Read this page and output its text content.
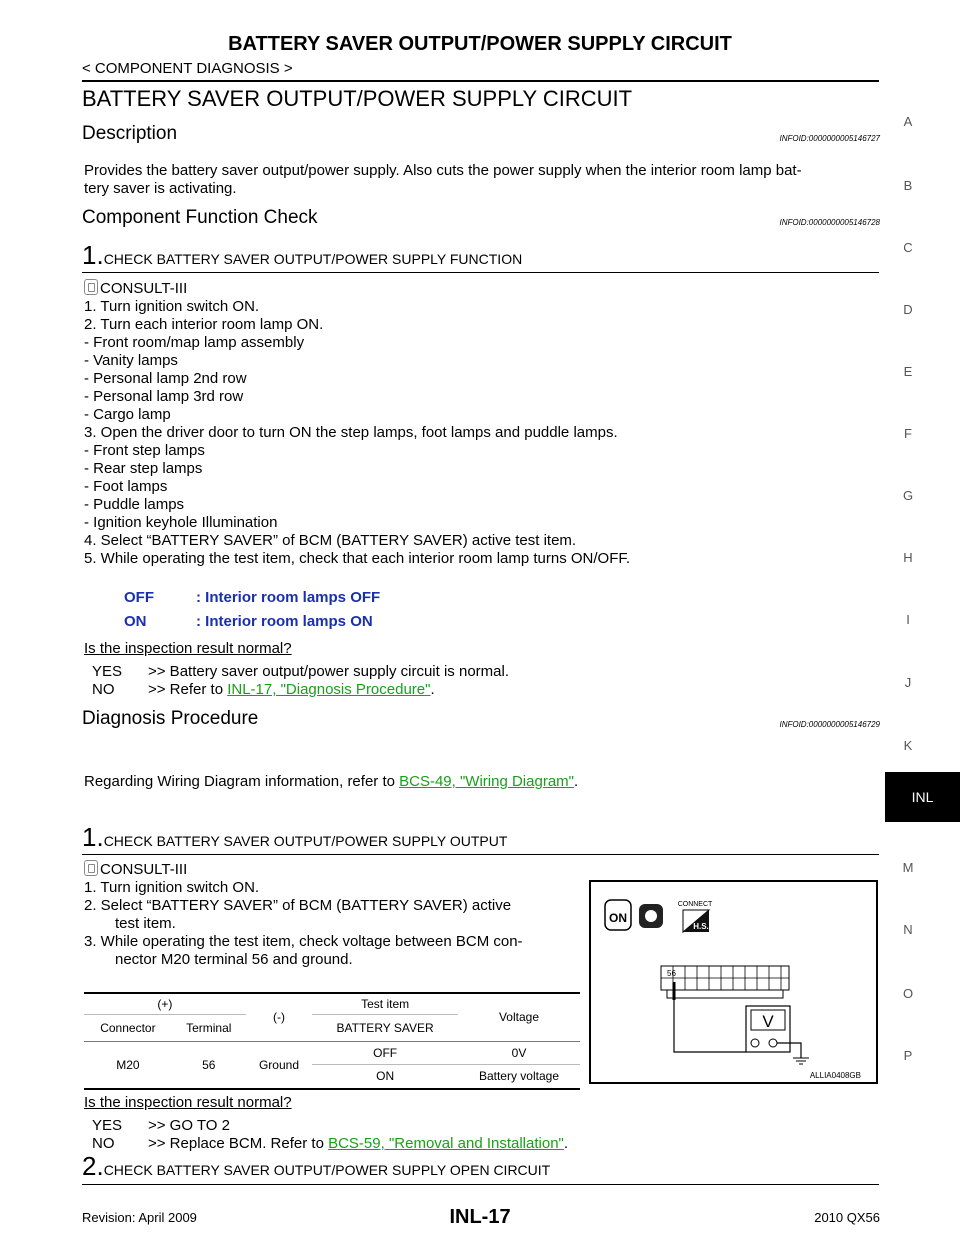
BATTERY SAVER OUTPUT/POWER SUPPLY CIRCUIT
< COMPONENT DIAGNOSIS >
BATTERY SAVER OUTPUT/POWER SUPPLY CIRCUIT
Description	INFOID:0000000005146727
Provides the battery saver output/power supply. Also cuts the power supply when the interior room lamp bat-
tery saver is activating.
Component Function Check	INFOID:0000000005146728
1.CHECK BATTERY SAVER OUTPUT/POWER SUPPLY FUNCTION
CONSULT-III
1. Turn ignition switch ON.
2. Turn each interior room lamp ON.
- Front room/map lamp assembly
- Vanity lamps
- Personal lamp 2nd row
- Personal lamp 3rd row
- Cargo lamp
3. Open the driver door to turn ON the step lamps, foot lamps and puddle lamps.
- Front step lamps
- Rear step lamps
- Foot lamps
- Puddle lamps
- Ignition keyhole Illumination
4. Select “BATTERY SAVER” of BCM (BATTERY SAVER) active test item.
5. While operating the test item, check that each interior room lamp turns ON/OFF.
OFF	: Interior room lamps OFF
ON	: Interior room lamps ON
Is the inspection result normal?
YES >> Battery saver output/power supply circuit is normal.
NO >> Refer to INL-17, "Diagnosis Procedure".
Diagnosis Procedure	INFOID:0000000005146729
Regarding Wiring Diagram information, refer to BCS-49, "Wiring Diagram".
1.CHECK BATTERY SAVER OUTPUT/POWER SUPPLY OUTPUT
CONSULT-III
1. Turn ignition switch ON.
2. Select “BATTERY SAVER” of BCM (BATTERY SAVER) active
test item.
3. While operating the test item, check voltage between BCM con-
nector M20 terminal 56 and ground.
(+)		(-)	Test item	Voltage
Connector	Terminal		BATTERY SAVER	
M20	56	Ground	OFF	0V
			ON	Battery voltage
ON
CONNECT
H.S.
56
V
ALLIA0408GB
Is the inspection result normal?
YES >> GO TO 2
NO >> Replace BCM. Refer to BCS-59, "Removal and Installation".
2.CHECK BATTERY SAVER OUTPUT/POWER SUPPLY OPEN CIRCUIT
A
B
C
D
E
F
G
H
I
J
K
M
N
O
P
INL
Revision: April 2009	INL-17	2010 QX56
